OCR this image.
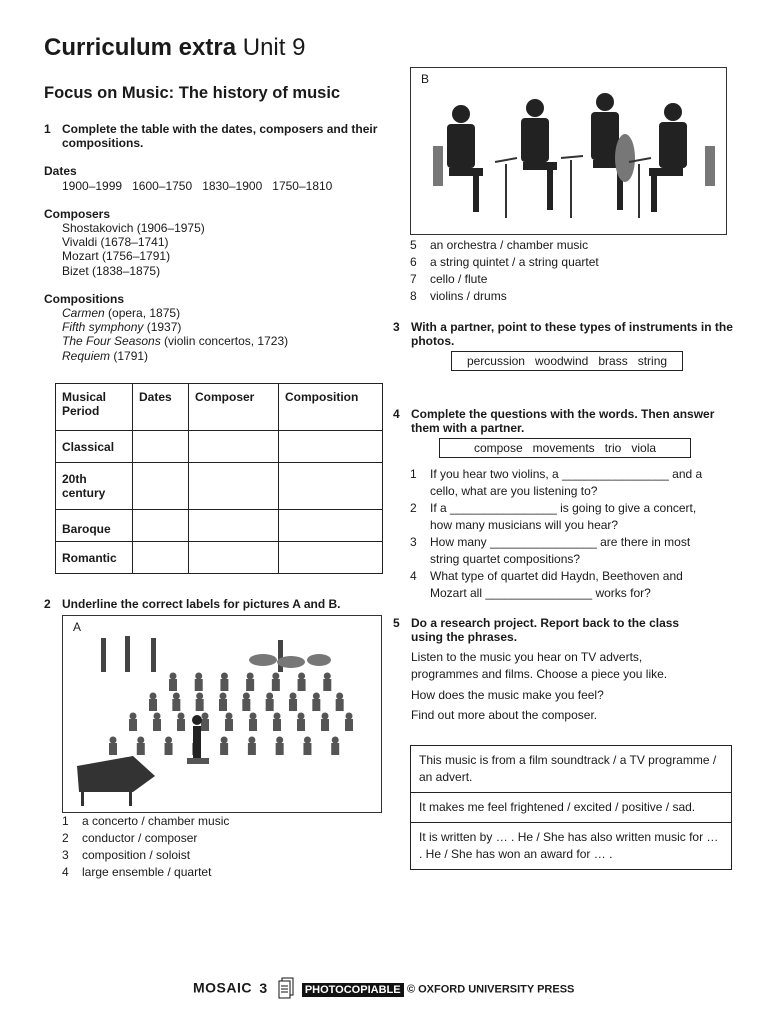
Curriculum extra Unit 9
Focus on Music: The history of music
1 Complete the table with the dates, composers and their compositions.
Dates
1900–1999 1600–1750 1830–1900 1750–1810
Composers
Shostakovich (1906–1975)
Vivaldi (1678–1741)
Mozart (1756–1791)
Bizet (1838–1875)
Compositions
Carmen (opera, 1875)
Fifth symphony (1937)
The Four Seasons (violin concertos, 1723)
Requiem (1791)
Musical Period	Dates	Composer	Composition
Classical			
20th century			
Baroque			
Romantic			
2 Underline the correct labels for pictures A and B.
A
1 a concerto / chamber music
2 conductor / composer
3 composition / soloist
4 large ensemble / quartet
B
5 an orchestra / chamber music
6 a string quintet / a string quartet
7 cello / flute
8 violins / drums
3 With a partner, point to these types of instruments in the photos.
percussion woodwind brass string
4 Complete the questions with the words. Then answer them with a partner.
compose movements trio viola
1 If you hear two violins, a ________________ and a
cello, what are you listening to?
2 If a ________________ is going to give a concert,
how many musicians will you hear?
3 How many ________________ are there in most
string quartet compositions?
4 What type of quartet did Haydn, Beethoven and
Mozart all ________________ works for?
5 Do a research project. Report back to the class using the phrases.
Listen to the music you hear on TV adverts, programmes and films. Choose a piece you like.
How does the music make you feel?
Find out more about the composer.
This music is from a film soundtrack / a TV programme / an advert.
It makes me feel frightened / excited / positive / sad.
It is written by … . He / She has also written music for … . He / She has won an award for … .
MOSAIC 3	PHOTOCOPIABLE © OXFORD UNIVERSITY PRESS
